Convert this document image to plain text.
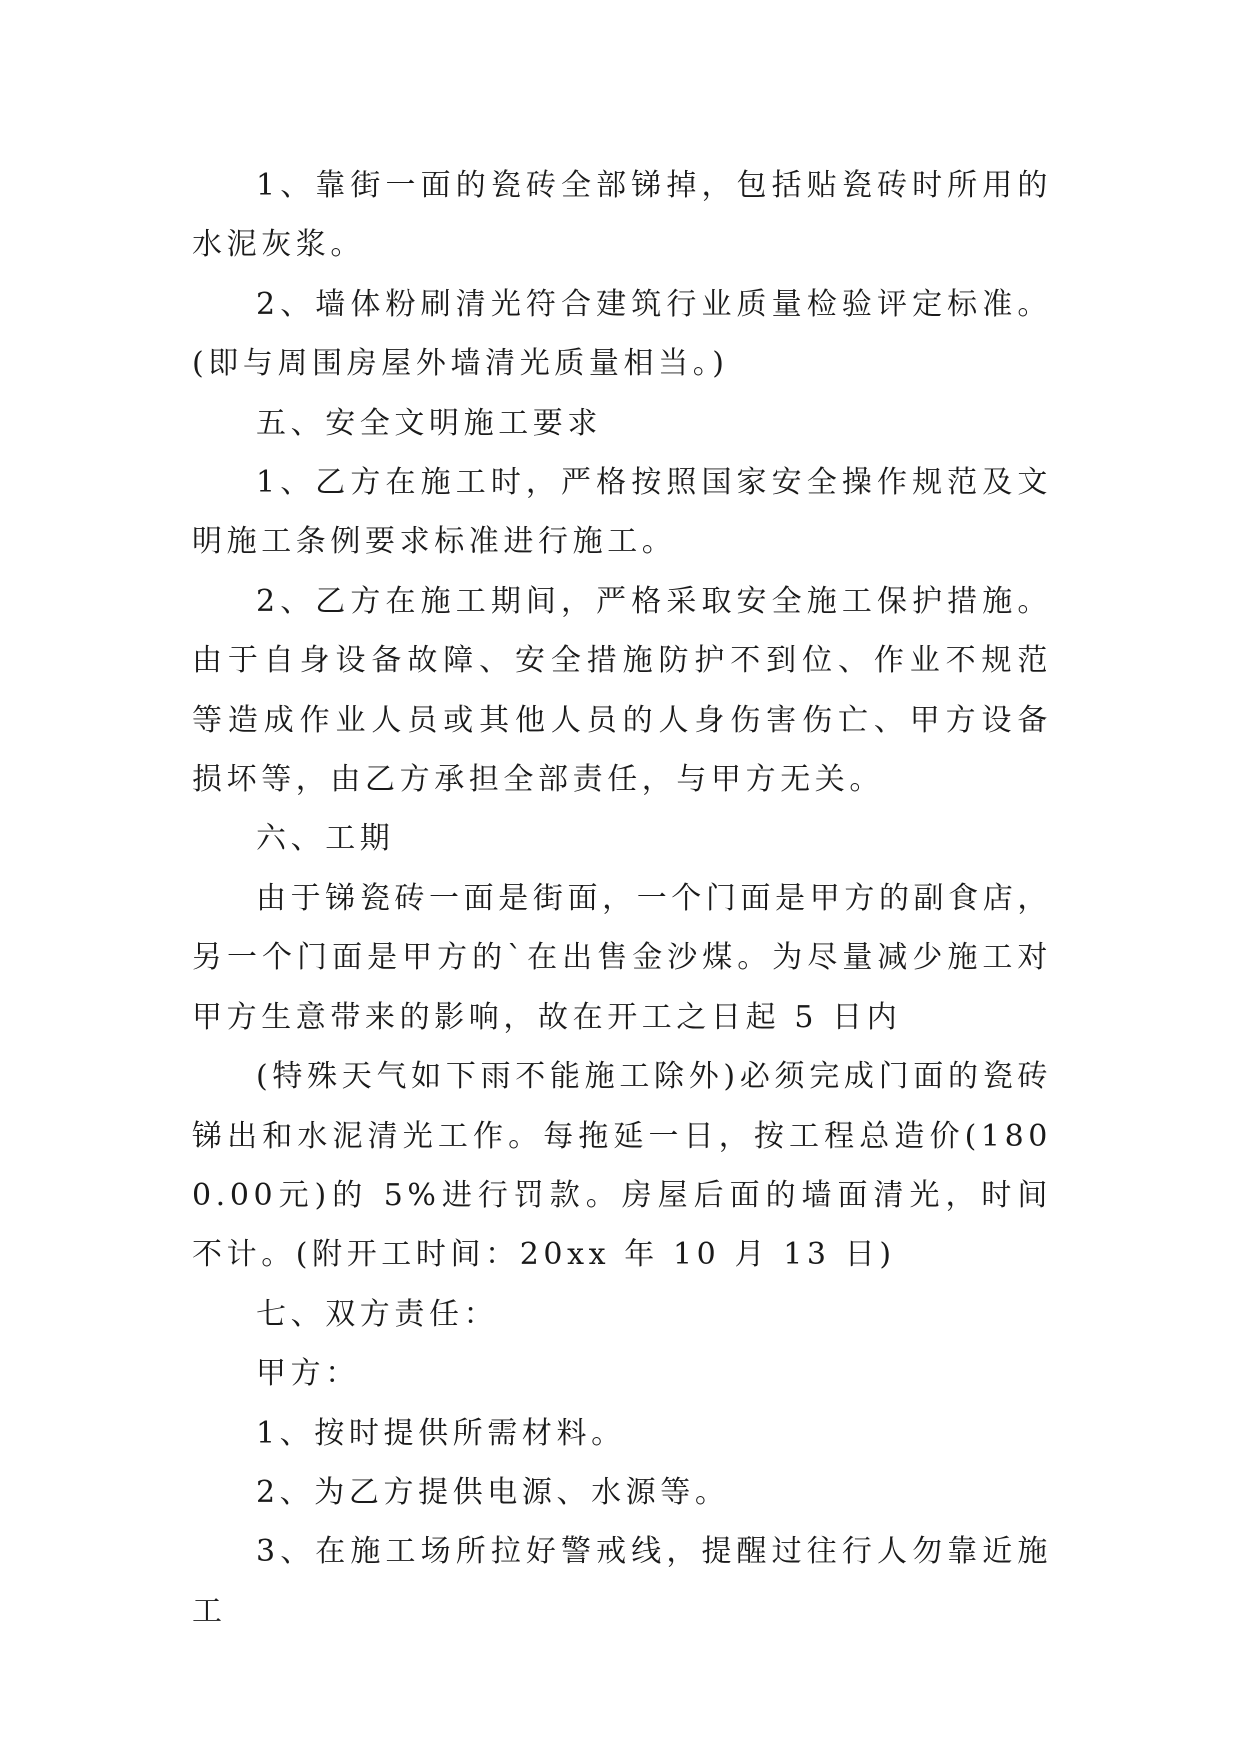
1、靠街一面的瓷砖全部锑掉，包括贴瓷砖时所用的水泥灰浆。

2、墙体粉刷清光符合建筑行业质量检验评定标准。(即与周围房屋外墙清光质量相当。)

五、安全文明施工要求

1、乙方在施工时，严格按照国家安全操作规范及文明施工条例要求标准进行施工。

2、乙方在施工期间，严格采取安全施工保护措施。由于自身设备故障、安全措施防护不到位、作业不规范等造成作业人员或其他人员的人身伤害伤亡、甲方设备损坏等，由乙方承担全部责任，与甲方无关。

六、工期

由于锑瓷砖一面是街面，一个门面是甲方的副食店，另一个门面是甲方的`在出售金沙煤。为尽量减少施工对甲方生意带来的影响，故在开工之日起 5 日内

(特殊天气如下雨不能施工除外)必须完成门面的瓷砖锑出和水泥清光工作。每拖延一日，按工程总造价(1800.00元)的 5%进行罚款。房屋后面的墙面清光，时间不计。(附开工时间：20xx 年 10 月 13 日)

七、双方责任：

甲方：

1、按时提供所需材料。

2、为乙方提供电源、水源等。

3、在施工场所拉好警戒线，提醒过往行人勿靠近施工
